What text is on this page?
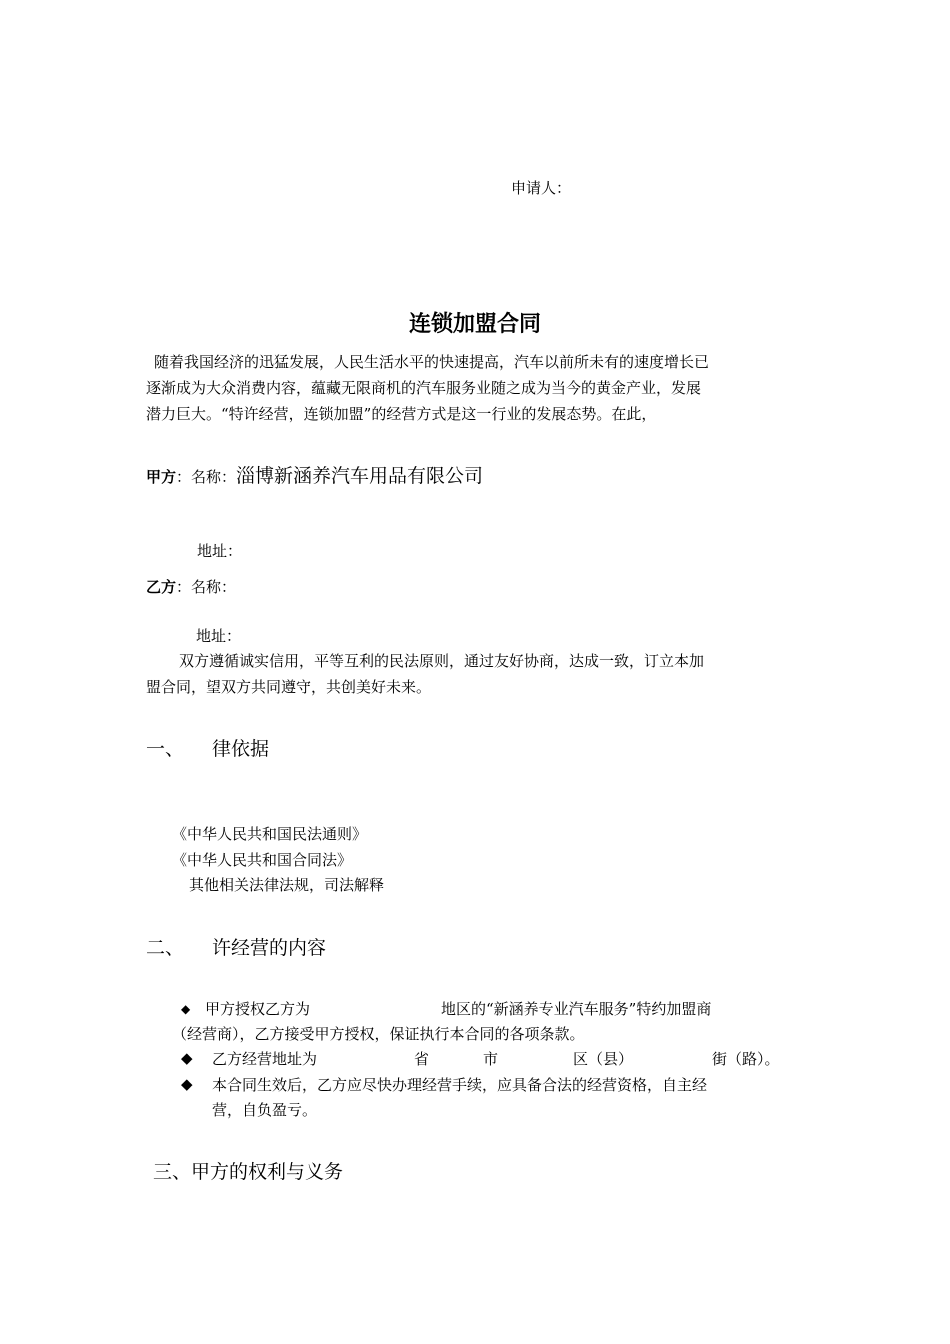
申请人：
连锁加盟合同
随着我国经济的迅猛发展，人民生活水平的快速提高，汽车以前所未有的速度增长已
逐渐成为大众消费内容，蕴藏无限商机的汽车服务业随之成为当今的黄金产业，发展
潜力巨大。“特许经营，连锁加盟”的经营方式是这一行业的发展态势。在此，
甲方：名称：淄博新涵养汽车用品有限公司
地址：
乙方：名称：
地址：
双方遵循诚实信用，平等互利的民法原则，通过友好协商，达成一致，订立本加
盟合同，望双方共同遵守，共创美好未来。
一、 律依据
《中华人民共和国民法通则》
《中华人民共和国合同法》
其他相关法律法规，司法解释
二、 许经营的内容
◆ 甲方授权乙方为	地区的“新涵养专业汽车服务”特约加盟商
（经营商），乙方接受甲方授权，保证执行本合同的各项条款。
◆ 乙方经营地址为	省	市	区（县）	街（路）。
◆ 本合同生效后，乙方应尽快办理经营手续，应具备合法的经营资格，自主经
营，自负盈亏。
三、甲方的权利与义务
